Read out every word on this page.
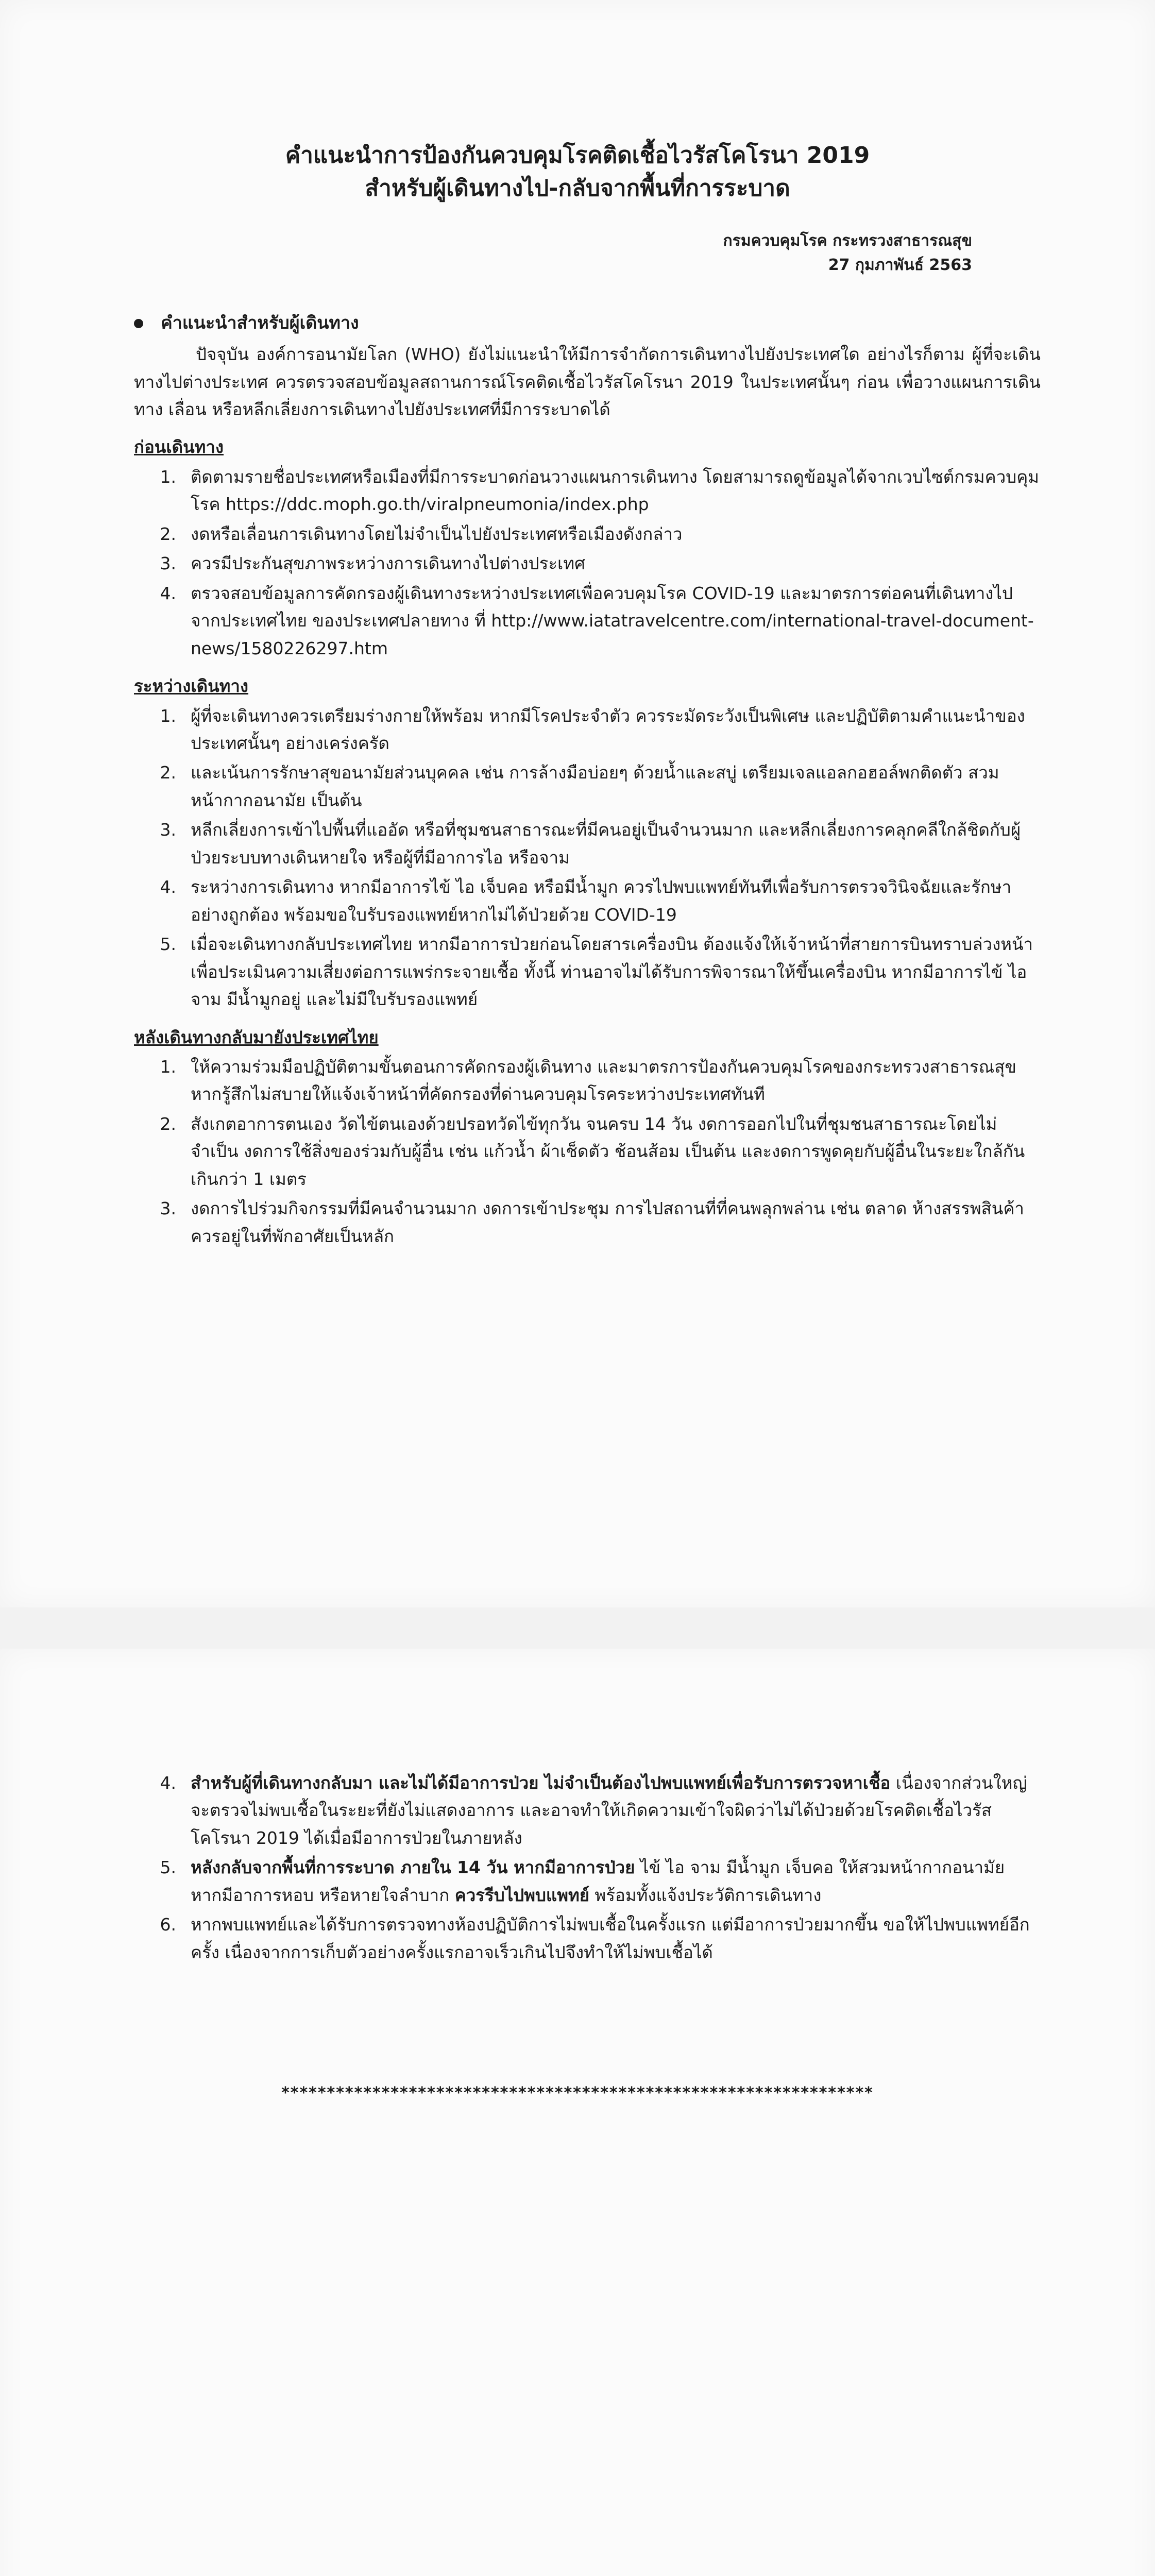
คำแนะนำการป้องกันควบคุมโรคติดเชื้อไวรัสโคโรนา 2019
สำหรับผู้เดินทางไป-กลับจากพื้นที่การระบาด
กรมควบคุมโรค กระทรวงสาธารณสุข
27 กุมภาพันธ์ 2563
คำแนะนำสำหรับผู้เดินทาง

ปัจจุบัน องค์การอนามัยโลก (WHO) ยังไม่แนะนำให้มีการจำกัดการเดินทางไปยังประเทศใด อย่างไรก็ตาม ผู้ที่จะเดินทางไปต่างประเทศ ควรตรวจสอบข้อมูลสถานการณ์โรคติดเชื้อไวรัสโคโรนา 2019 ในประเทศนั้นๆ ก่อน เพื่อวางแผนการเดินทาง เลื่อน หรือหลีกเลี่ยงการเดินทางไปยังประเทศที่มีการระบาดได้

ก่อนเดินทาง
1. ติดตามรายชื่อประเทศหรือเมืองที่มีการระบาดก่อนวางแผนการเดินทาง โดยสามารถดูข้อมูลได้จากเวบไซต์กรมควบคุมโรค https://ddc.moph.go.th/viralpneumonia/index.php
2. งดหรือเลื่อนการเดินทางโดยไม่จำเป็นไปยังประเทศหรือเมืองดังกล่าว
3. ควรมีประกันสุขภาพระหว่างการเดินทางไปต่างประเทศ
4. ตรวจสอบข้อมูลการคัดกรองผู้เดินทางระหว่างประเทศเพื่อควบคุมโรค COVID-19 และมาตรการต่อคนที่เดินทางไปจากประเทศไทย ของประเทศปลายทาง ที่ http://www.iatatravelcentre.com/international-travel-document-news/1580226297.htm
ระหว่างเดินทาง
1. ผู้ที่จะเดินทางควรเตรียมร่างกายให้พร้อม หากมีโรคประจำตัว ควรระมัดระวังเป็นพิเศษ และปฏิบัติตามคำแนะนำของประเทศนั้นๆ อย่างเคร่งครัด
2. และเน้นการรักษาสุขอนามัยส่วนบุคคล เช่น การล้างมือบ่อยๆ ด้วยน้ำและสบู่ เตรียมเจลแอลกอฮอล์พกติดตัว สวมหน้ากากอนามัย เป็นต้น
3. หลีกเลี่ยงการเข้าไปพื้นที่แออัด หรือที่ชุมชนสาธารณะที่มีคนอยู่เป็นจำนวนมาก และหลีกเลี่ยงการคลุกคลีใกล้ชิดกับผู้ป่วยระบบทางเดินหายใจ หรือผู้ที่มีอาการไอ หรือจาม
4. ระหว่างการเดินทาง หากมีอาการไข้ ไอ เจ็บคอ หรือมีน้ำมูก ควรไปพบแพทย์ทันทีเพื่อรับการตรวจวินิจฉัยและรักษาอย่างถูกต้อง พร้อมขอใบรับรองแพทย์หากไม่ได้ป่วยด้วย COVID-19
5. เมื่อจะเดินทางกลับประเทศไทย หากมีอาการป่วยก่อนโดยสารเครื่องบิน ต้องแจ้งให้เจ้าหน้าที่สายการบินทราบล่วงหน้าเพื่อประเมินความเสี่ยงต่อการแพร่กระจายเชื้อ ทั้งนี้ ท่านอาจไม่ได้รับการพิจารณาให้ขึ้นเครื่องบิน หากมีอาการไข้ ไอ จาม มีน้ำมูกอยู่ และไม่มีใบรับรองแพทย์
หลังเดินทางกลับมายังประเทศไทย
1. ให้ความร่วมมือปฏิบัติตามขั้นตอนการคัดกรองผู้เดินทาง และมาตรการป้องกันควบคุมโรคของกระทรวงสาธารณสุข หากรู้สึกไม่สบายให้แจ้งเจ้าหน้าที่คัดกรองที่ด่านควบคุมโรคระหว่างประเทศทันที
2. สังเกตอาการตนเอง วัดไข้ตนเองด้วยปรอทวัดไข้ทุกวัน จนครบ 14 วัน งดการออกไปในที่ชุมชนสาธารณะโดยไม่จำเป็น งดการใช้สิ่งของร่วมกับผู้อื่น เช่น แก้วน้ำ ผ้าเช็ดตัว ช้อนส้อม เป็นต้น และงดการพูดคุยกับผู้อื่นในระยะใกล้กันเกินกว่า 1 เมตร
3. งดการไปร่วมกิจกรรมที่มีคนจำนวนมาก งดการเข้าประชุม การไปสถานที่ที่คนพลุกพล่าน เช่น ตลาด ห้างสรรพสินค้า ควรอยู่ในที่พักอาศัยเป็นหลัก
4. สำหรับผู้ที่เดินทางกลับมา และไม่ได้มีอาการป่วย ไม่จำเป็นต้องไปพบแพทย์เพื่อรับการตรวจหาเชื้อ เนื่องจากส่วนใหญ่จะตรวจไม่พบเชื้อในระยะที่ยังไม่แสดงอาการ และอาจทำให้เกิดความเข้าใจผิดว่าไม่ได้ป่วยด้วยโรคติดเชื้อไวรัสโคโรนา 2019 ได้เมื่อมีอาการป่วยในภายหลัง
5. หลังกลับจากพื้นที่การระบาด ภายใน 14 วัน หากมีอาการป่วย ไข้ ไอ จาม มีน้ำมูก เจ็บคอ ให้สวมหน้ากากอนามัย หากมีอาการหอบ หรือหายใจลำบาก ควรรีบไปพบแพทย์ พร้อมทั้งแจ้งประวัติการเดินทาง
6. หากพบแพทย์และได้รับการตรวจทางห้องปฏิบัติการไม่พบเชื้อในครั้งแรก แต่มีอาการป่วยมากขึ้น ขอให้ไปพบแพทย์อีกครั้ง เนื่องจากการเก็บตัวอย่างครั้งแรกอาจเร็วเกินไปจึงทำให้ไม่พบเชื้อได้
*****************************************************************
